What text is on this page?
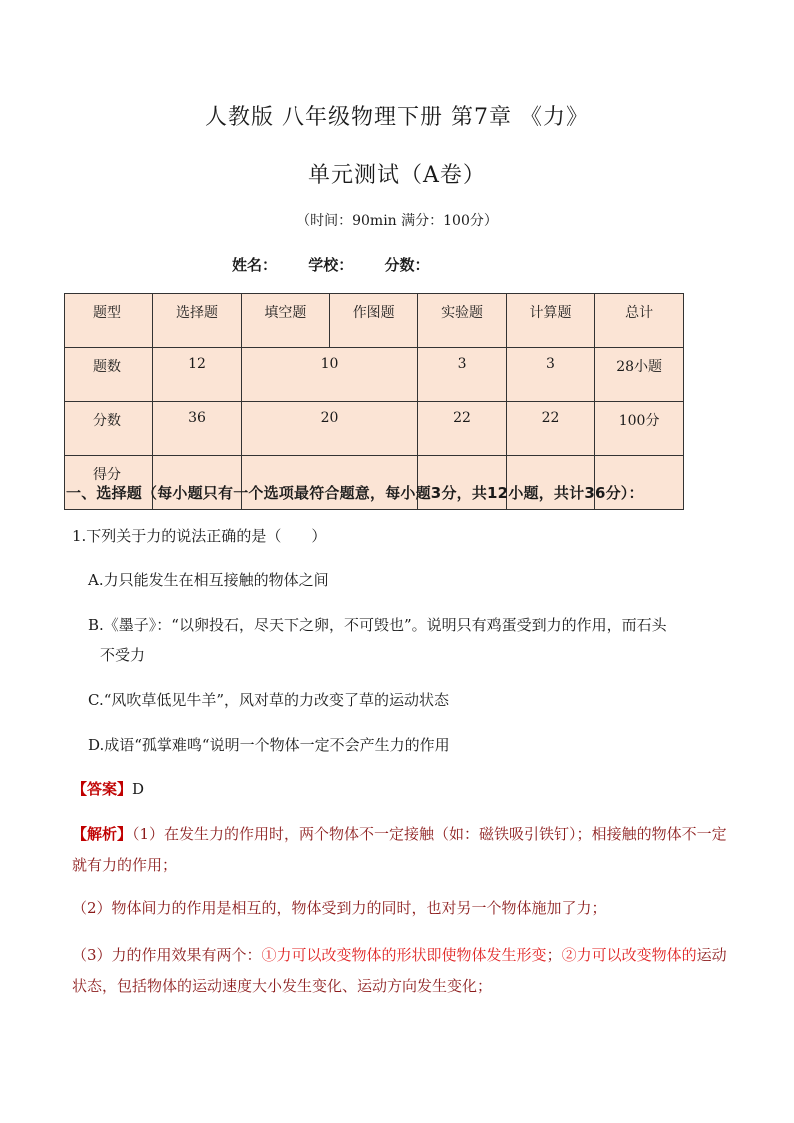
人教版 八年级物理下册 第7章 《力》
单元测试（A卷）
（时间：90min 满分：100分）
姓名： 学校： 分数：
题型	选择题	填空题	作图题	实验题	计算题	总计
题数	12	10		3	3	28小题
分数	36	20		22	22	100分
得分						
一、选择题（每小题只有一个选项最符合题意，每小题3分，共12小题，共计36分）：
1.下列关于力的说法正确的是（　　）
A.力只能发生在相互接触的物体之间
B.《墨子》：“以卵投石，尽天下之卵，不可毁也”。说明只有鸡蛋受到力的作用，而石头
不受力
C.“风吹草低见牛羊”，风对草的力改变了草的运动状态
D.成语“孤掌难鸣“说明一个物体一定不会产生力的作用
【答案】D
【解析】（1）在发生力的作用时，两个物体不一定接触（如：磁铁吸引铁钉）；相接触的物体不一定就有力的作用；
（2）物体间力的作用是相互的，物体受到力的同时，也对另一个物体施加了力；
（3）力的作用效果有两个：①力可以改变物体的形状即使物体发生形变；②力可以改变物体的运动状态，包括物体的运动速度大小发生变化、运动方向发生变化；
